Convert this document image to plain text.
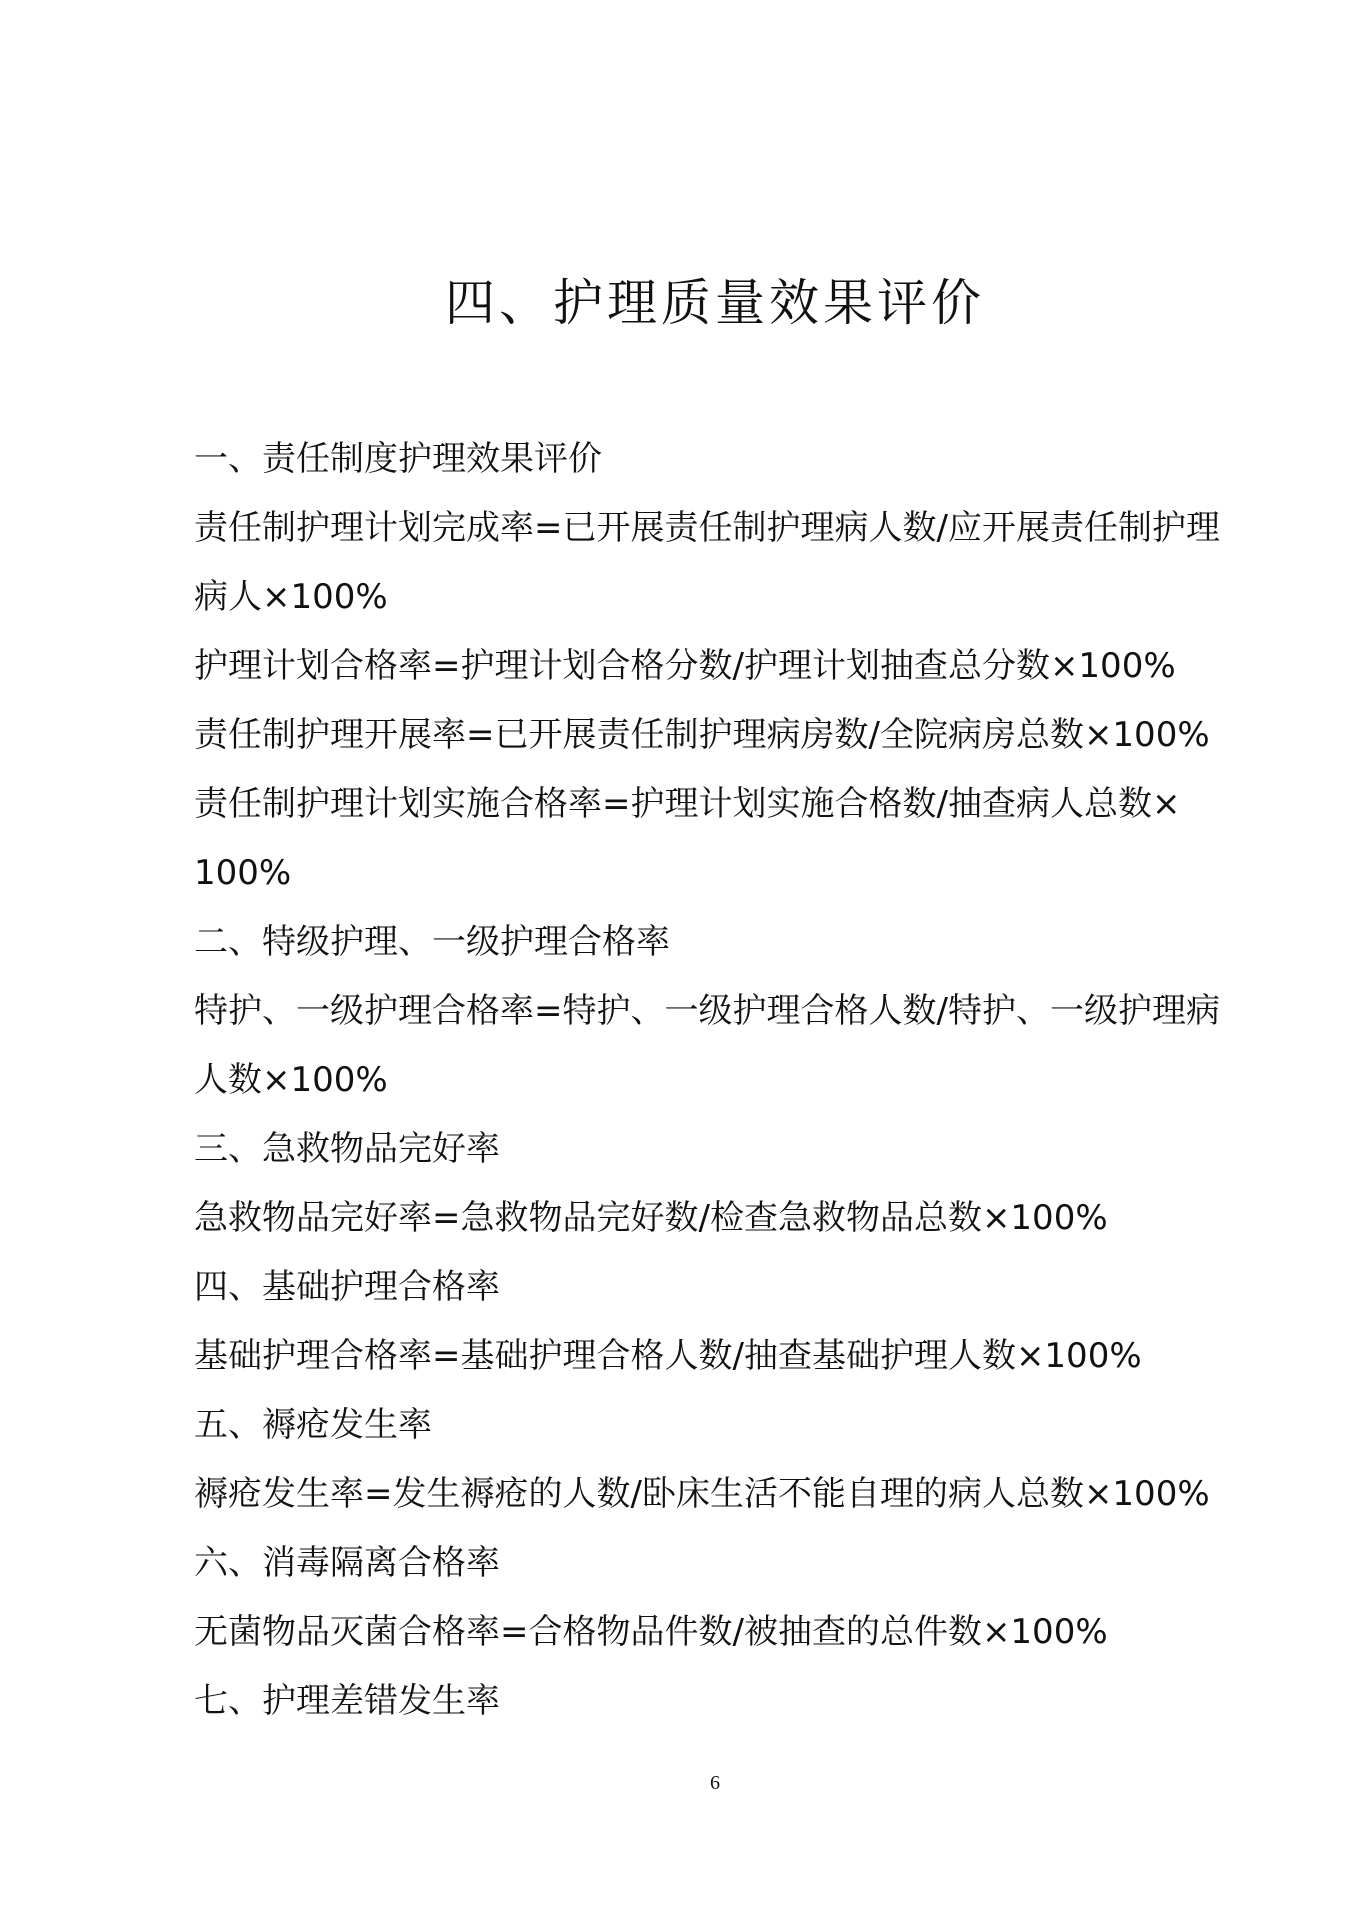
四、护理质量效果评价

一、责任制度护理效果评价

责任制护理计划完成率=已开展责任制护理病人数/应开展责任制护理

病人×100%

护理计划合格率=护理计划合格分数/护理计划抽查总分数×100%

责任制护理开展率=已开展责任制护理病房数/全院病房总数×100%

责任制护理计划实施合格率=护理计划实施合格数/抽查病人总数×

100%

二、特级护理、一级护理合格率

特护、一级护理合格率=特护、一级护理合格人数/特护、一级护理病

人数×100%

三、急救物品完好率

急救物品完好率=急救物品完好数/检查急救物品总数×100%

四、基础护理合格率

基础护理合格率=基础护理合格人数/抽查基础护理人数×100%

五、褥疮发生率

褥疮发生率=发生褥疮的人数/卧床生活不能自理的病人总数×100%

六、消毒隔离合格率

无菌物品灭菌合格率=合格物品件数/被抽查的总件数×100%

七、护理差错发生率

6
